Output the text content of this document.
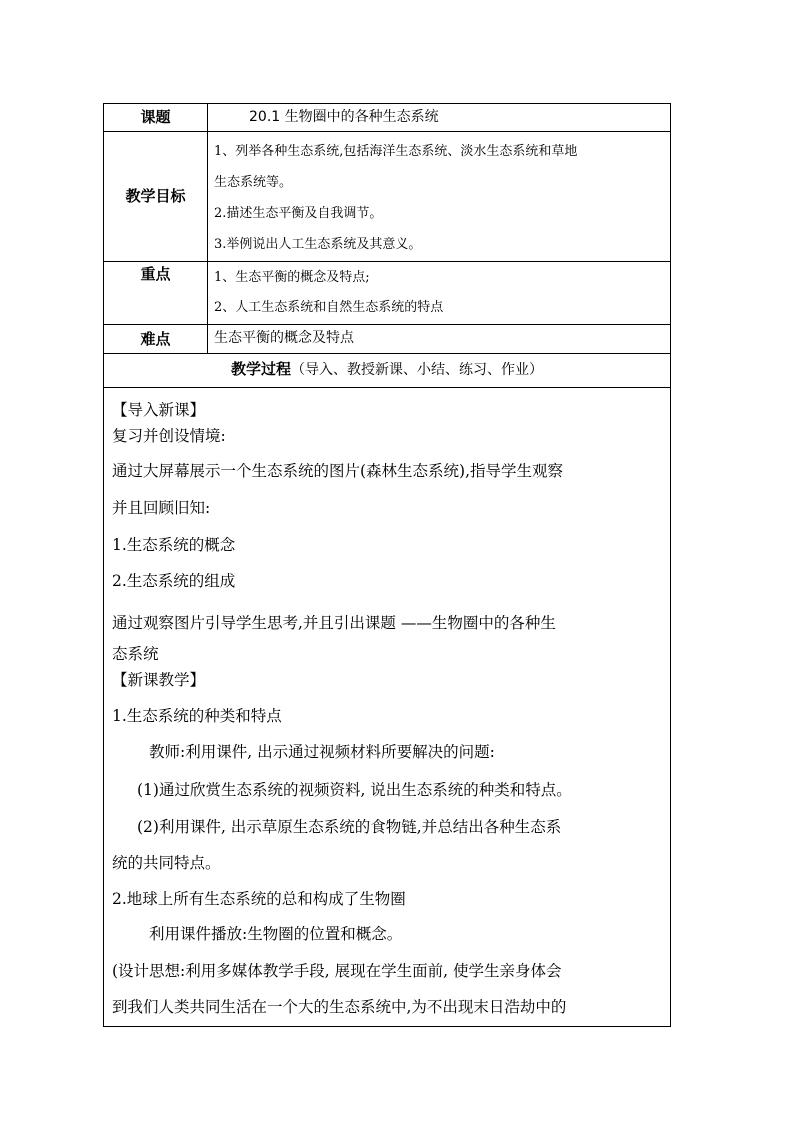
课题	20.1 生物圈中的各种生态系统
教学目标

1、列举各种生态系统,包括海洋生态系统、淡水生态系统和草地

生态系统等。

2.描述生态平衡及自我调节。

3.举例说出人工生态系统及其意义。

重点	1、生态平衡的概念及特点;

2、人工生态系统和自然生态系统的特点

难点	生态平衡的概念及特点
教学过程（导入、教授新课、小结、练习、作业）

【导入新课】

复习并创设情境:

通过大屏幕展示一个生态系统的图片(森林生态系统),指导学生观察

并且回顾旧知:

1.生态系统的概念

2.生态系统的组成

通过观察图片引导学生思考,并且引出课题 ——生物圈中的各种生

态系统

【新课教学】

1.生态系统的种类和特点

教师:利用课件, 出示通过视频材料所要解决的问题:

(1)通过欣赏生态系统的视频资料, 说出生态系统的种类和特点。

(2)利用课件, 出示草原生态系统的食物链,并总结出各种生态系

统的共同特点。

2.地球上所有生态系统的总和构成了生物圈

利用课件播放:生物圈的位置和概念。

(设计思想:利用多媒体教学手段, 展现在学生面前, 使学生亲身体会

到我们人类共同生活在一个大的生态系统中,为不出现末日浩劫中的
